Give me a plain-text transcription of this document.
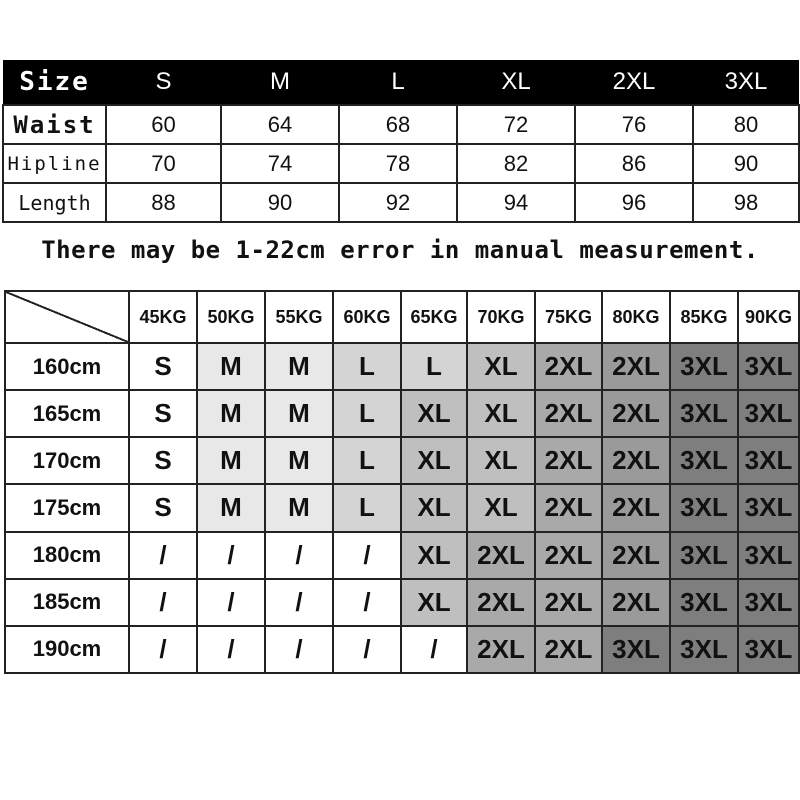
Size	S	M	L	XL	2XL	3XL
Waist	60	64	68	72	76	80
Hipline	70	74	78	82	86	90
Length	88	90	92	94	96	98
There may be 1-22cm error in manual measurement.
	45KG	50KG	55KG	60KG	65KG	70KG	75KG	80KG	85KG	90KG
160cm	S	M	M	L	L	XL	2XL	2XL	3XL	3XL
165cm	S	M	M	L	XL	XL	2XL	2XL	3XL	3XL
170cm	S	M	M	L	XL	XL	2XL	2XL	3XL	3XL
175cm	S	M	M	L	XL	XL	2XL	2XL	3XL	3XL
180cm	/	/	/	/	XL	2XL	2XL	2XL	3XL	3XL
185cm	/	/	/	/	XL	2XL	2XL	2XL	3XL	3XL
190cm	/	/	/	/	/	2XL	2XL	3XL	3XL	3XL
